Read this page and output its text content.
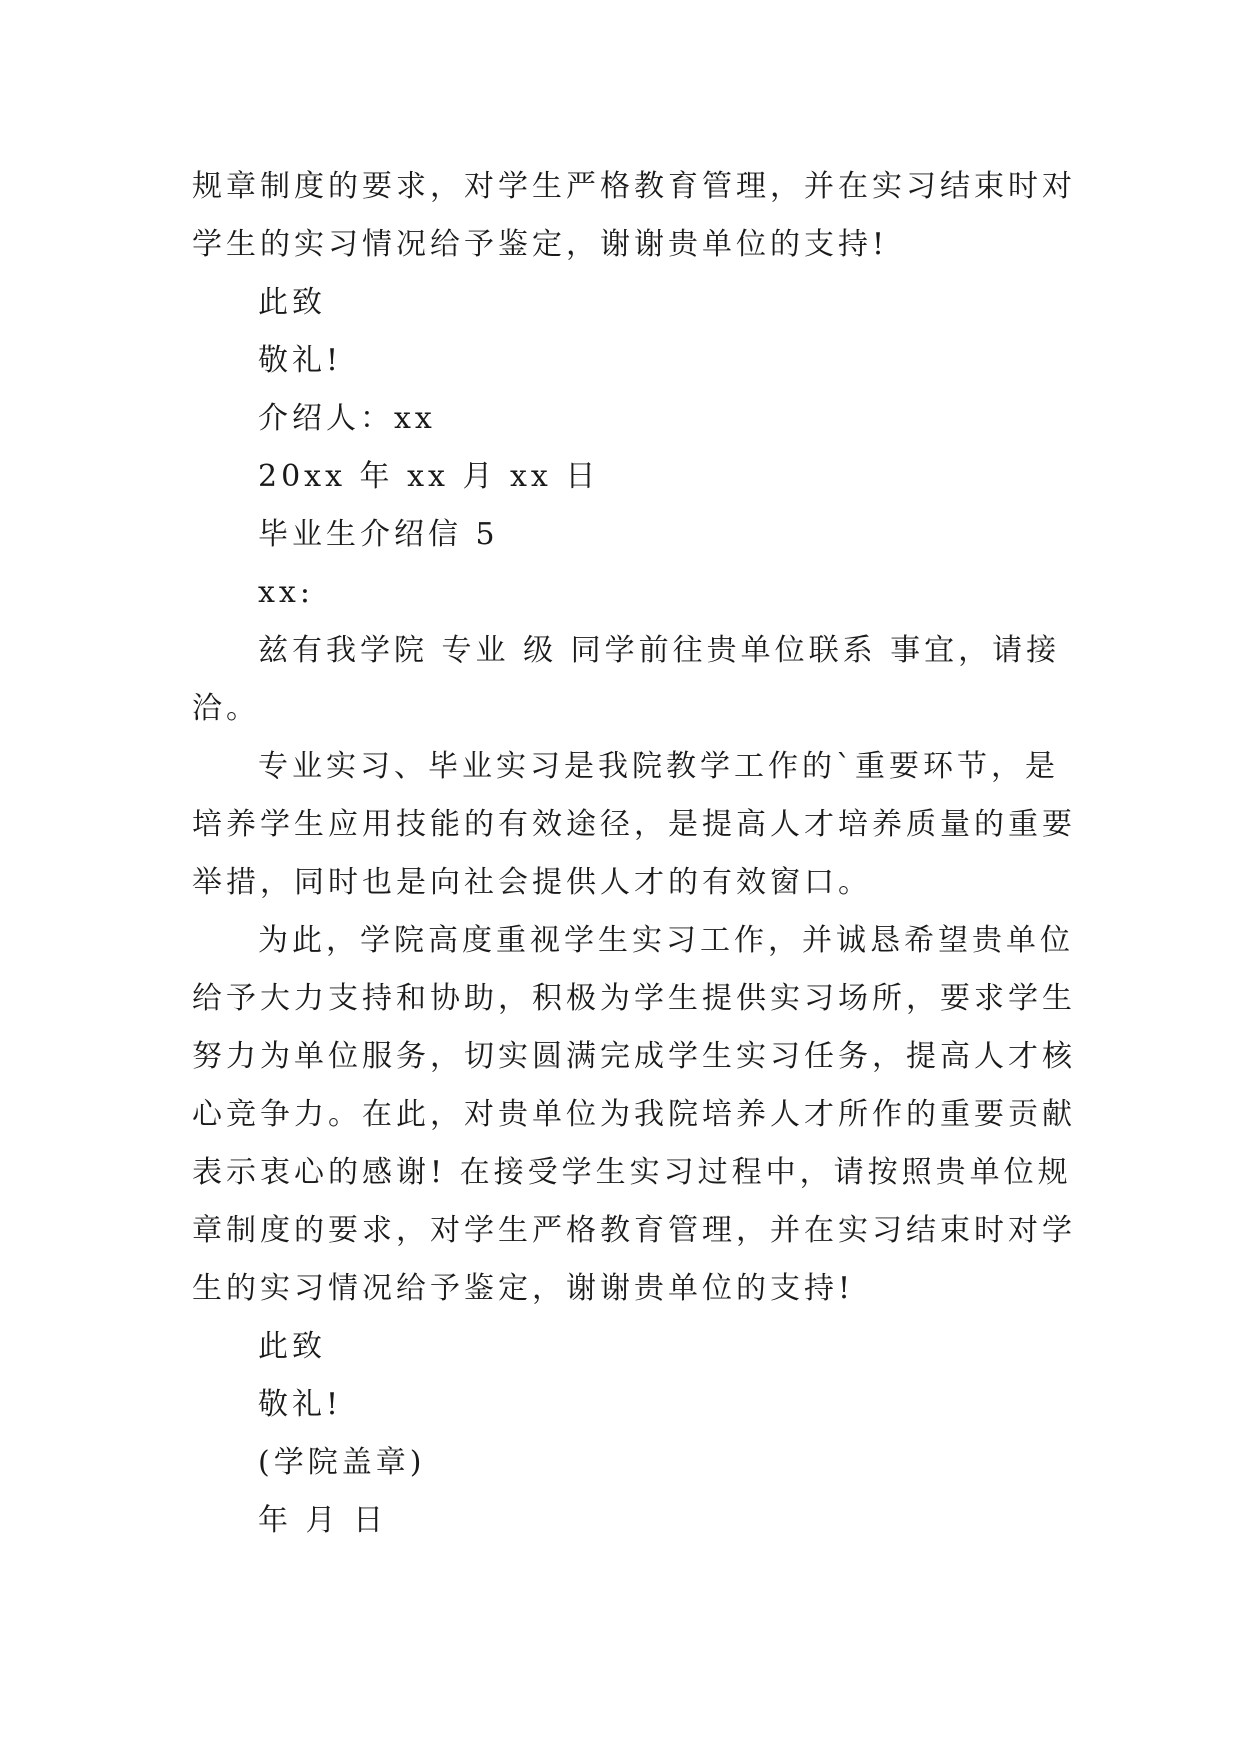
规章制度的要求，对学生严格教育管理，并在实习结束时对
学生的实习情况给予鉴定，谢谢贵单位的支持!
此致
敬礼!
介绍人：xx
20xx 年 xx 月 xx 日
毕业生介绍信 5
xx:
兹有我学院 专业 级 同学前往贵单位联系 事宜，请接
洽。
专业实习、毕业实习是我院教学工作的`重要环节，是
培养学生应用技能的有效途径，是提高人才培养质量的重要
举措，同时也是向社会提供人才的有效窗口。
为此，学院高度重视学生实习工作，并诚恳希望贵单位
给予大力支持和协助，积极为学生提供实习场所，要求学生
努力为单位服务，切实圆满完成学生实习任务，提高人才核
心竞争力。在此，对贵单位为我院培养人才所作的重要贡献
表示衷心的感谢! 在接受学生实习过程中，请按照贵单位规
章制度的要求，对学生严格教育管理，并在实习结束时对学
生的实习情况给予鉴定，谢谢贵单位的支持!
此致
敬礼!
(学院盖章)
年 月 日
